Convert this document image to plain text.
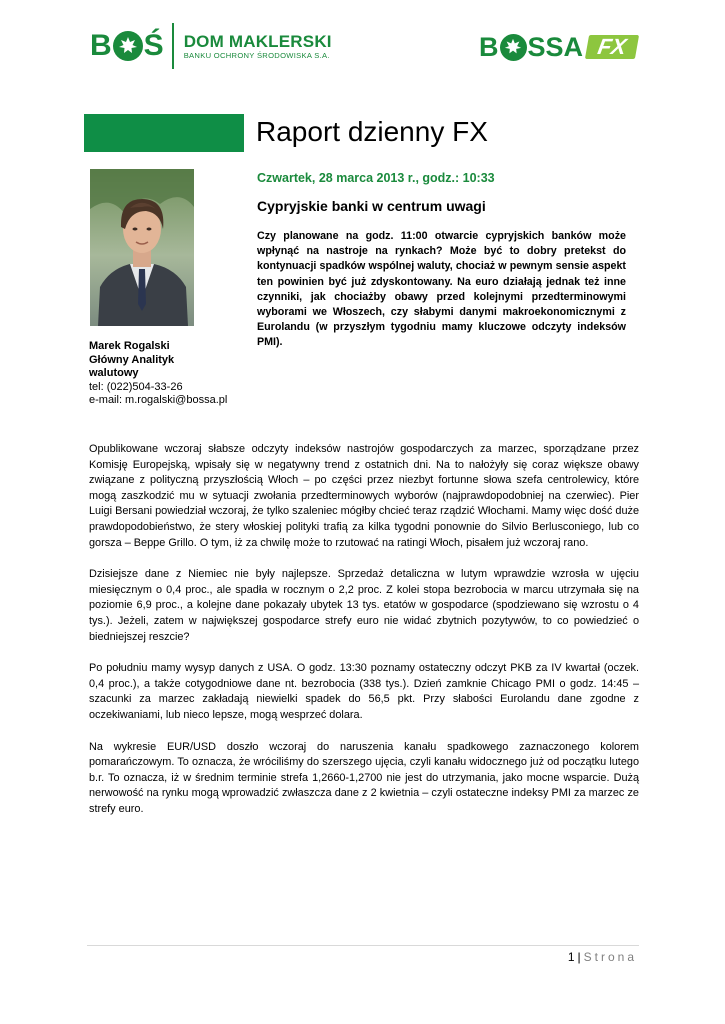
B Ś DOM MAKLERSKI
BANKU OCHRONY ŚRODOWISKA S.A.	B SSA FX
Raport dzienny FX
Marek Rogalski
Główny Analityk
walutowy
tel: (022)504-33-26
e-mail: m.rogalski@bossa.pl
Czwartek, 28 marca 2013 r., godz.: 10:33
Cypryjskie banki w centrum uwagi

Czy planowane na godz. 11:00 otwarcie cypryjskich banków może wpłynąć na nastroje na rynkach? Może być to dobry pretekst do kontynuacji spadków wspólnej waluty, chociaż w pewnym sensie aspekt ten powinien być już zdyskontowany. Na euro działają jednak też inne czynniki, jak chociażby obawy przed kolejnymi przedterminowymi wyborami we Włoszech, czy słabymi danymi makroekonomicznymi z Eurolandu (w przyszłym tygodniu mamy kluczowe odczyty indeksów PMI).

Opublikowane wczoraj słabsze odczyty indeksów nastrojów gospodarczych za marzec, sporządzane przez Komisję Europejską, wpisały się w negatywny trend z ostatnich dni. Na to nałożyły się coraz większe obawy związane z polityczną przyszłością Włoch – po części przez niezbyt fortunne słowa szefa centrolewicy, które mogą zaszkodzić mu w sytuacji zwołania przedterminowych wyborów (najprawdopodobniej na czerwiec). Pier Luigi Bersani powiedział wczoraj, że tylko szaleniec mógłby chcieć teraz rządzić Włochami. Mamy więc dość duże prawdopodobieństwo, że stery włoskiej polityki trafią za kilka tygodni ponownie do Silvio Berlusconiego, lub co gorsza – Beppe Grillo. O tym, iż za chwilę może to rzutować na ratingi Włoch, pisałem już wczoraj rano.

Dzisiejsze dane z Niemiec nie były najlepsze. Sprzedaż detaliczna w lutym wprawdzie wzrosła w ujęciu miesięcznym o 0,4 proc., ale spadła w rocznym o 2,2 proc. Z kolei stopa bezrobocia w marcu utrzymała się na poziomie 6,9 proc., a kolejne dane pokazały ubytek 13 tys. etatów w gospodarce (spodziewano się wzrostu o 4 tys.). Jeżeli, zatem w największej gospodarce strefy euro nie widać zbytnich pozytywów, to co powiedzieć o biedniejszej reszcie?

Po południu mamy wysyp danych z USA. O godz. 13:30 poznamy ostateczny odczyt PKB za IV kwartał (oczek. 0,4 proc.), a także cotygodniowe dane nt. bezrobocia (338 tys.). Dzień zamknie Chicago PMI o godz. 14:45 – szacunki za marzec zakładają niewielki spadek do 56,5 pkt. Przy słabości Eurolandu dane zgodne z oczekiwaniami, lub nieco lepsze, mogą wesprzeć dolara.

Na wykresie EUR/USD doszło wczoraj do naruszenia kanału spadkowego zaznaczonego kolorem pomarańczowym. To oznacza, że wróciliśmy do szerszego ujęcia, czyli kanału widocznego już od początku lutego b.r. To oznacza, iż w średnim terminie strefa 1,2660-1,2700 nie jest do utrzymania, jako mocne wsparcie. Dużą nerwowość na rynku mogą wprowadzić zwłaszcza dane z 2 kwietnia – czyli ostateczne indeksy PMI za marzec ze strefy euro.

1 | Strona
